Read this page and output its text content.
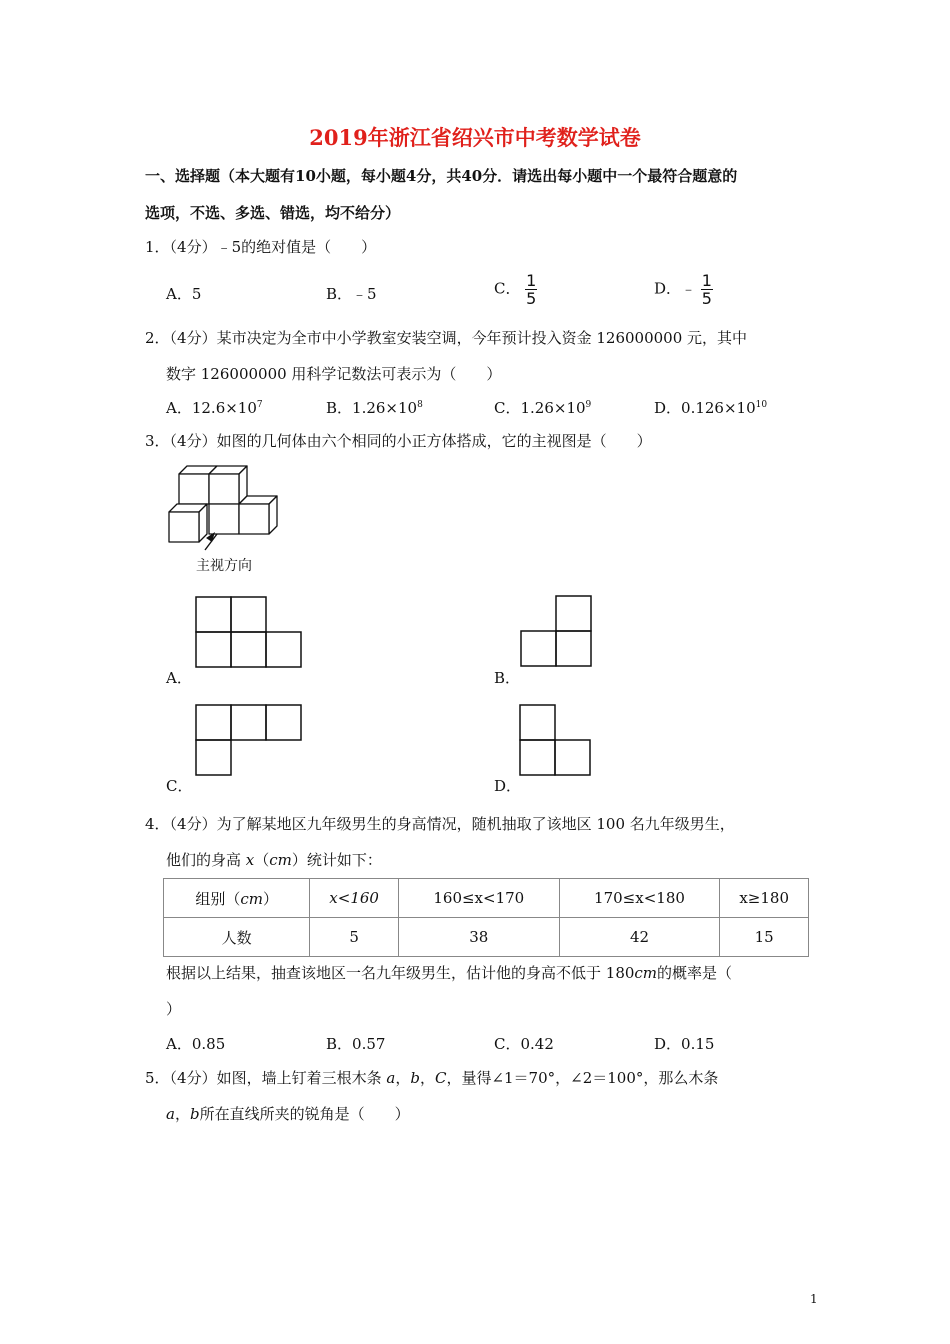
2019年浙江省绍兴市中考数学试卷
一、选择题（本大题有10小题，每小题4分，共40分．请选出每小题中一个最符合题意的
选项，不选、多选、错选，均不给分）
1．（4分）﹣5的绝对值是（　　）
A．5	B．﹣5	C． $\frac{1}{5}$	D．﹣ $\frac{1}{5}$
2．（4分）某市决定为全市中小学教室安装空调，今年预计投入资金 126000000 元，其中
数字 126000000 用科学记数法可表示为（　　）
A．$12.6\times 10^7$	B．$1.26\times 10^8$	C．$1.26\times 10^9$	D．$0.126\times 10^{10}$
3．（4分）如图的几何体由六个相同的小正方体搭成，它的主视图是（　　）
主视方向
A．	B．
C．	D．
4．（4分）为了解某地区九年级男生的身高情况，随机抽取了该地区 100 名九年级男生，
他们的身高 x（cm）统计如下：
组别（cm）	x<160	160≤x<170	170≤x<180	x≥180
人数	5	38	42	15
根据以上结果，抽查该地区一名九年级男生，估计他的身高不低于 180cm的概率是（
）
A．0.85	B．0.57	C．0.42	D．0.15
5．（4分）如图，墙上钉着三根木条 a，b，C，量得∠1＝70°，∠2＝100°，那么木条
a，b所在直线所夹的锐角是（　　）
1
